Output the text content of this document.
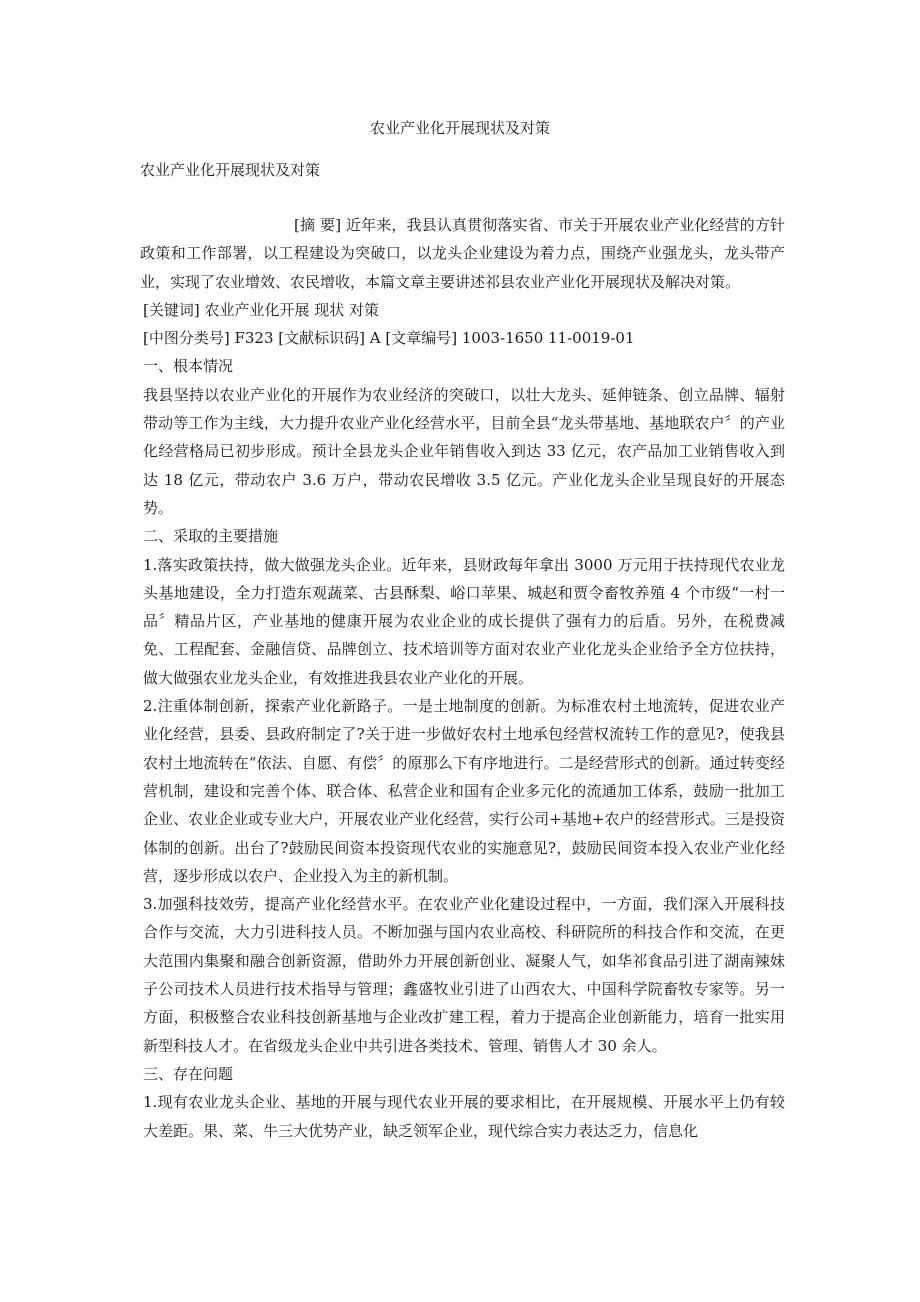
农业产业化开展现状及对策
农业产业化开展现状及对策

[摘 要] 近年来，我县认真贯彻落实省、市关于开展农业产业化经营的方针政策和工作部署，以工程建设为突破口，以龙头企业建设为着力点，围绕产业强龙头，龙头带产业，实现了农业增效、农民增收，本篇文章主要讲述祁县农业产业化开展现状及解决对策。

[关键词] 农业产业化开展 现状 对策

[中图分类号] F323 [文献标识码] A [文章编号] 1003-1650 11-0019-01

一、根本情况

我县坚持以农业产业化的开展作为农业经济的突破口，以壮大龙头、延伸链条、创立品牌、辐射带动等工作为主线，大力提升农业产业化经营水平，目前全县“龙头带基地、基地联农户〞的产业化经营格局已初步形成。预计全县龙头企业年销售收入到达 33 亿元，农产品加工业销售收入到达 18 亿元，带动农户 3.6 万户，带动农民增收 3.5 亿元。产业化龙头企业呈现良好的开展态势。

二、采取的主要措施

1.落实政策扶持，做大做强龙头企业。近年来，县财政每年拿出 3000 万元用于扶持现代农业龙头基地建设，全力打造东观蔬菜、古县酥梨、峪口苹果、城赵和贾令畜牧养殖 4 个市级“一村一品〞精品片区，产业基地的健康开展为农业企业的成长提供了强有力的后盾。另外，在税费减免、工程配套、金融信贷、品牌创立、技术培训等方面对农业产业化龙头企业给予全方位扶持，做大做强农业龙头企业，有效推进我县农业产业化的开展。

2.注重体制创新，探索产业化新路子。一是土地制度的创新。为标准农村土地流转，促进农业产业化经营，县委、县政府制定了?关于进一步做好农村土地承包经营权流转工作的意见?，使我县农村土地流转在“依法、自愿、有偿〞的原那么下有序地进行。二是经营形式的创新。通过转变经营机制，建设和完善个体、联合体、私营企业和国有企业多元化的流通加工体系，鼓励一批加工企业、农业企业或专业大户，开展农业产业化经营，实行公司+基地+农户的经营形式。三是投资体制的创新。出台了?鼓励民间资本投资现代农业的实施意见?，鼓励民间资本投入农业产业化经营，逐步形成以农户、企业投入为主的新机制。

3.加强科技效劳，提高产业化经营水平。在农业产业化建设过程中，一方面，我们深入开展科技合作与交流，大力引进科技人员。不断加强与国内农业高校、科研院所的科技合作和交流，在更大范围内集聚和融合创新资源，借助外力开展创新创业、凝聚人气，如华祁食品引进了湖南辣妹子公司技术人员进行技术指导与管理；鑫盛牧业引进了山西农大、中国科学院畜牧专家等。另一方面，积极整合农业科技创新基地与企业改扩建工程，着力于提高企业创新能力，培育一批实用新型科技人才。在省级龙头企业中共引进各类技术、管理、销售人才 30 余人。

三、存在问题

1.现有农业龙头企业、基地的开展与现代农业开展的要求相比，在开展规模、开展水平上仍有较大差距。果、菜、牛三大优势产业，缺乏领军企业，现代综合实力表达乏力，信息化
